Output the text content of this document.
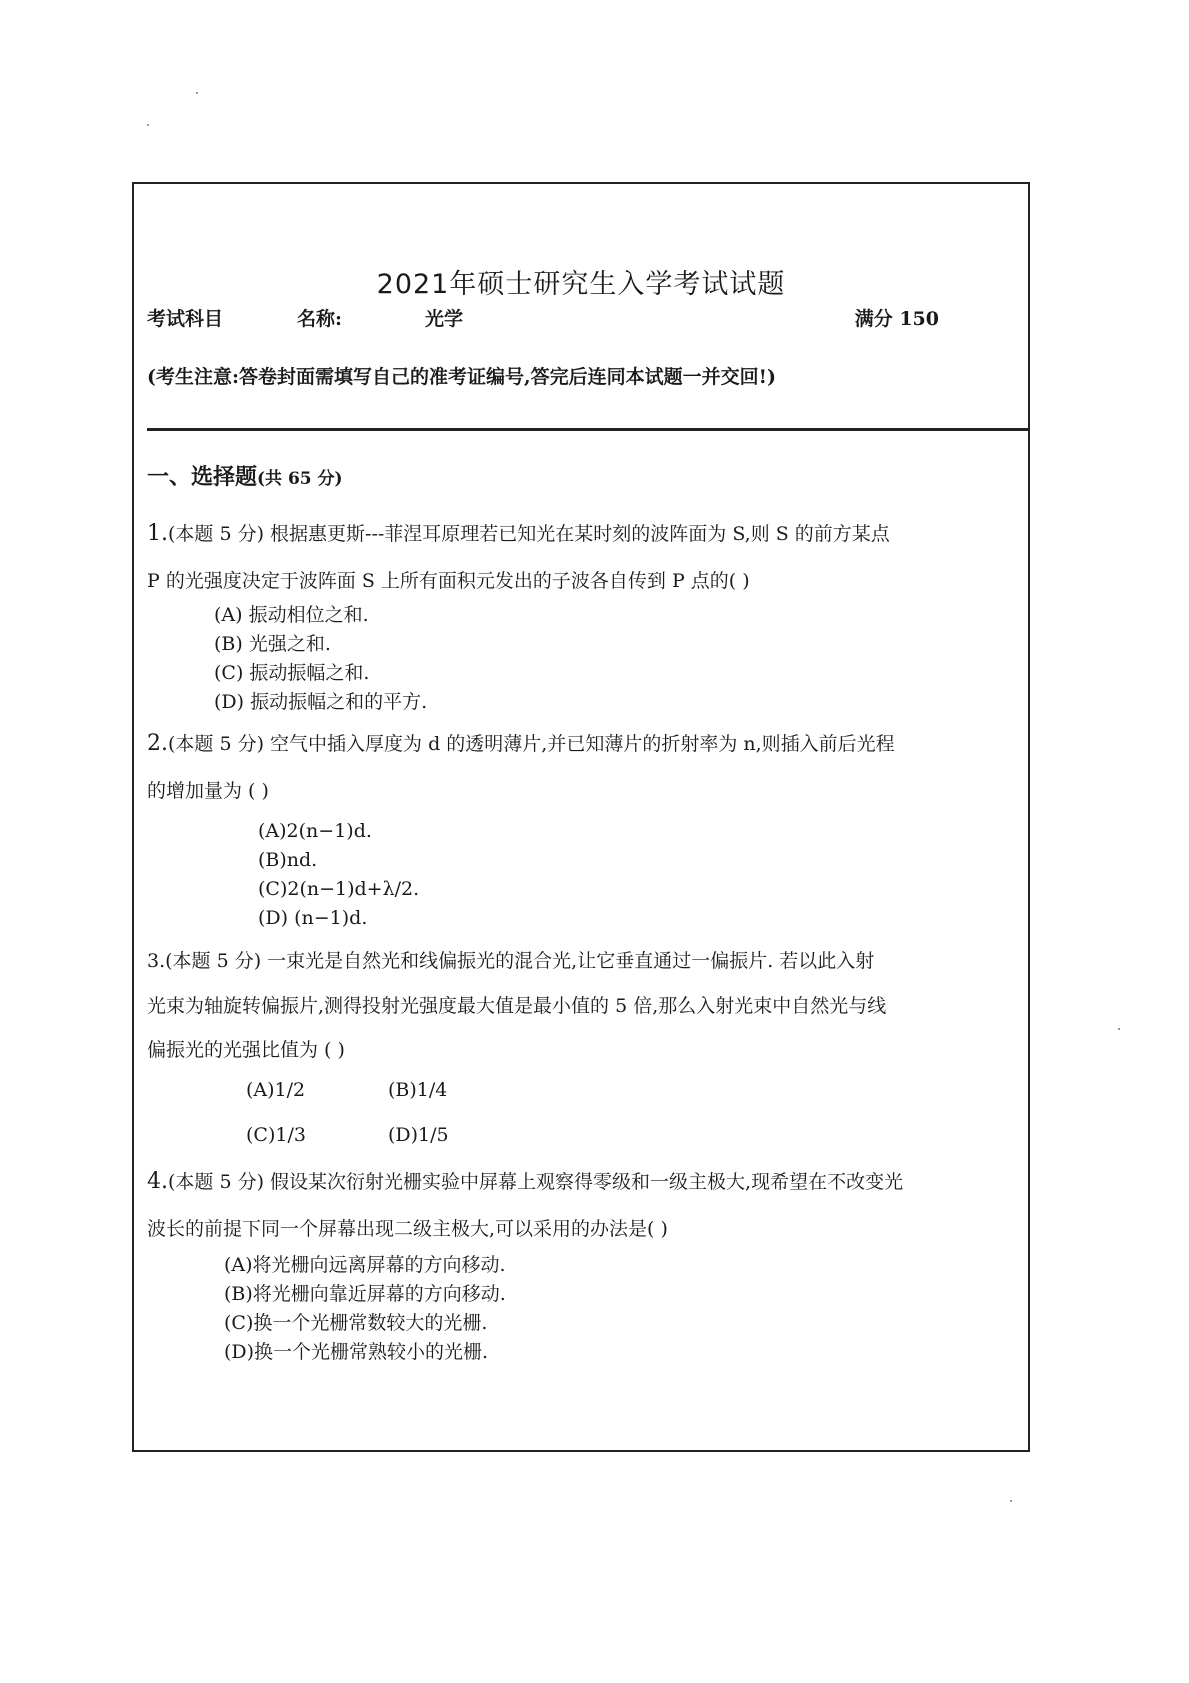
2021年硕士研究生入学考试试题
考试科目	名称:	光学	满分 150
(考生注意:答卷封面需填写自己的准考证编号,答完后连同本试题一并交回!)
一、选择题(共 65 分)
1.(本题 5 分) 根据惠更斯---菲涅耳原理若已知光在某时刻的波阵面为 S,则 S 的前方某点
P 的光强度决定于波阵面 S 上所有面积元发出的子波各自传到 P 点的( )
(A) 振动相位之和.
(B) 光强之和.
(C) 振动振幅之和.
(D) 振动振幅之和的平方.
2.(本题 5 分) 空气中插入厚度为 d 的透明薄片,并已知薄片的折射率为 n,则插入前后光程
的增加量为 ( )
(A)2(n−1)d.
(B)nd.
(C)2(n−1)d+λ/2.
(D) (n−1)d.
3.(本题 5 分) 一束光是自然光和线偏振光的混合光,让它垂直通过一偏振片. 若以此入射
光束为轴旋转偏振片,测得投射光强度最大值是最小值的 5 倍,那么入射光束中自然光与线
偏振光的光强比值为 ( )
(A)1/2	(B)1/4
(C)1/3	(D)1/5
4.(本题 5 分) 假设某次衍射光栅实验中屏幕上观察得零级和一级主极大,现希望在不改变光
波长的前提下同一个屏幕出现二级主极大,可以采用的办法是( )
(A)将光栅向远离屏幕的方向移动.
(B)将光栅向靠近屏幕的方向移动.
(C)换一个光栅常数较大的光栅.
(D)换一个光栅常熟较小的光栅.
